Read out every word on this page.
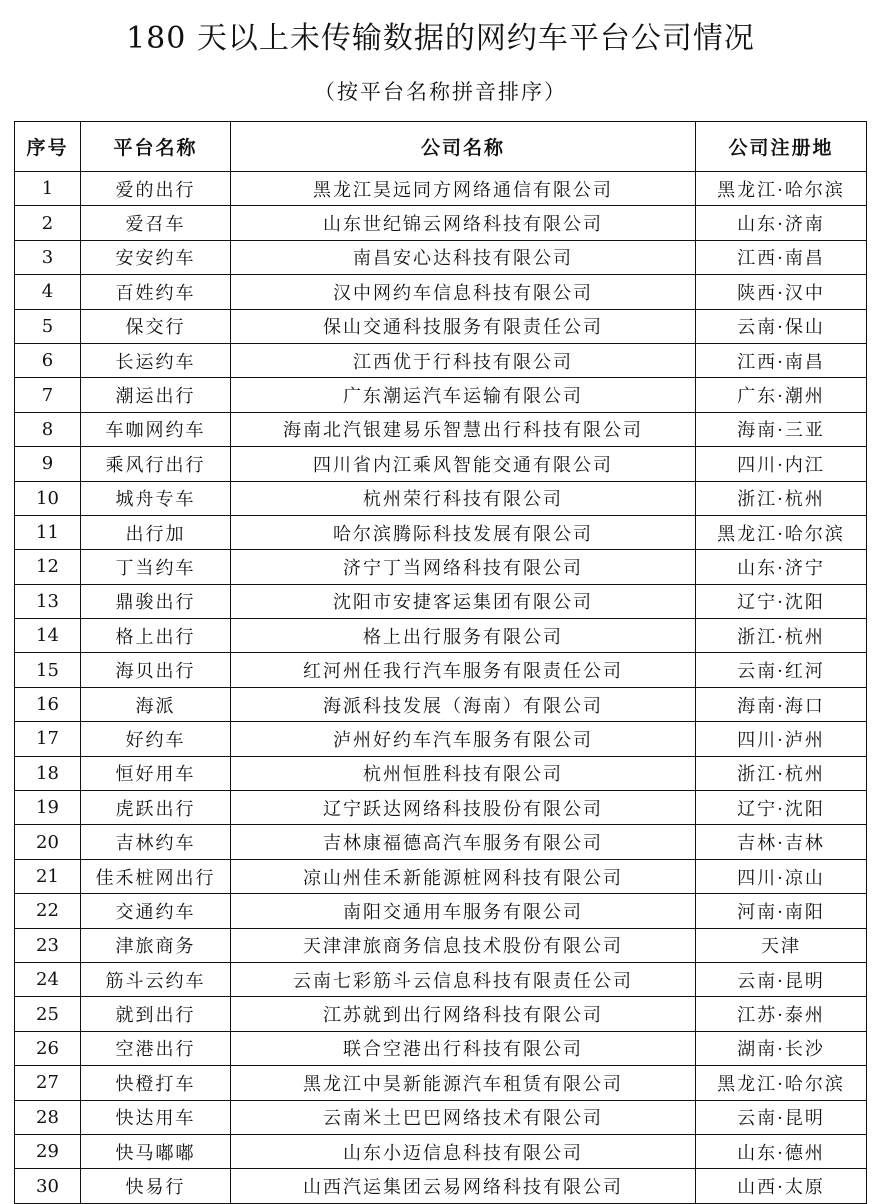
180 天以上未传输数据的网约车平台公司情况

（按平台名称拼音排序）

序号	平台名称	公司名称	公司注册地
1	爱的出行	黑龙江昊远同方网络通信有限公司	黑龙江·哈尔滨
2	爱召车	山东世纪锦云网络科技有限公司	山东·济南
3	安安约车	南昌安心达科技有限公司	江西·南昌
4	百姓约车	汉中网约车信息科技有限公司	陕西·汉中
5	保交行	保山交通科技服务有限责任公司	云南·保山
6	长运约车	江西优于行科技有限公司	江西·南昌
7	潮运出行	广东潮运汽车运输有限公司	广东·潮州
8	车咖网约车	海南北汽银建易乐智慧出行科技有限公司	海南·三亚
9	乘风行出行	四川省内江乘风智能交通有限公司	四川·内江
10	城舟专车	杭州荣行科技有限公司	浙江·杭州
11	出行加	哈尔滨腾际科技发展有限公司	黑龙江·哈尔滨
12	丁当约车	济宁丁当网络科技有限公司	山东·济宁
13	鼎骏出行	沈阳市安捷客运集团有限公司	辽宁·沈阳
14	格上出行	格上出行服务有限公司	浙江·杭州
15	海贝出行	红河州任我行汽车服务有限责任公司	云南·红河
16	海派	海派科技发展（海南）有限公司	海南·海口
17	好约车	泸州好约车汽车服务有限公司	四川·泸州
18	恒好用车	杭州恒胜科技有限公司	浙江·杭州
19	虎跃出行	辽宁跃达网络科技股份有限公司	辽宁·沈阳
20	吉林约车	吉林康福德高汽车服务有限公司	吉林·吉林
21	佳禾桩网出行	凉山州佳禾新能源桩网科技有限公司	四川·凉山
22	交通约车	南阳交通用车服务有限公司	河南·南阳
23	津旅商务	天津津旅商务信息技术股份有限公司	天津
24	筋斗云约车	云南七彩筋斗云信息科技有限责任公司	云南·昆明
25	就到出行	江苏就到出行网络科技有限公司	江苏·泰州
26	空港出行	联合空港出行科技有限公司	湖南·长沙
27	快橙打车	黑龙江中昊新能源汽车租赁有限公司	黑龙江·哈尔滨
28	快达用车	云南米土巴巴网络技术有限公司	云南·昆明
29	快马嘟嘟	山东小迈信息科技有限公司	山东·德州
30	快易行	山西汽运集团云易网络科技有限公司	山西·太原
